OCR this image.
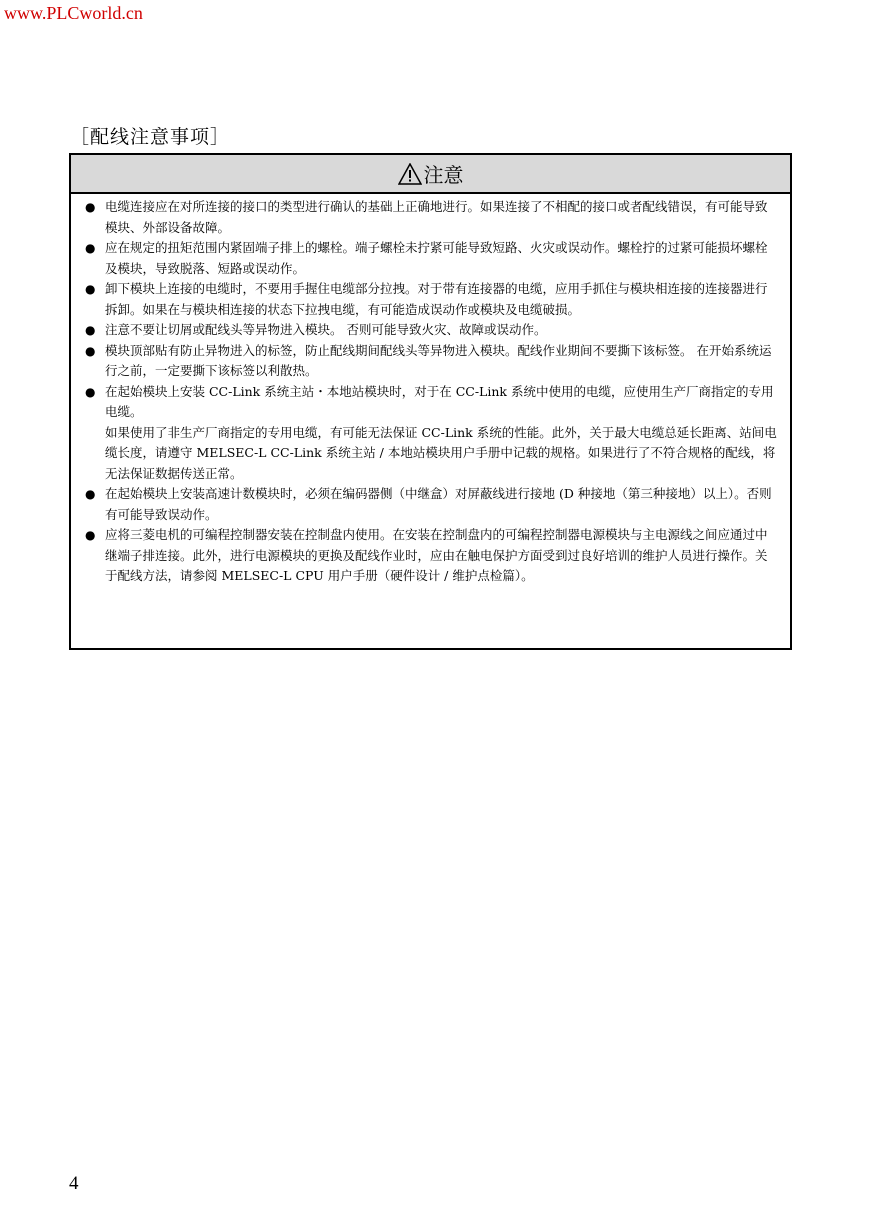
www.PLCworld.cn
［配线注意事项］
注意
● 电缆连接应在对所连接的接口的类型进行确认的基础上正确地进行。如果连接了不相配的接口或者配线错误，有可能导致模块、外部设备故障。

● 应在规定的扭矩范围内紧固端子排上的螺栓。端子螺栓未拧紧可能导致短路、火灾或误动作。螺栓拧的过紧可能损坏螺栓及模块，导致脱落、短路或误动作。

● 卸下模块上连接的电缆时，不要用手握住电缆部分拉拽。对于带有连接器的电缆，应用手抓住与模块相连接的连接器进行拆卸。如果在与模块相连接的状态下拉拽电缆，有可能造成误动作或模块及电缆破损。

● 注意不要让切屑或配线头等异物进入模块。 否则可能导致火灾、故障或误动作。

● 模块顶部贴有防止异物进入的标签，防止配线期间配线头等异物进入模块。配线作业期间不要撕下该标签。 在开始系统运行之前，一定要撕下该标签以利散热。

● 在起始模块上安装 CC-Link 系统主站・本地站模块时，对于在 CC-Link 系统中使用的电缆，应使用生产厂商指定的专用电缆。

如果使用了非生产厂商指定的专用电缆，有可能无法保证 CC-Link 系统的性能。此外，关于最大电缆总延长距离、站间电缆长度，请遵守 MELSEC-L CC-Link 系统主站 / 本地站模块用户手册中记载的规格。如果进行了不符合规格的配线，将无法保证数据传送正常。

● 在起始模块上安装高速计数模块时，必须在编码器侧（中继盒）对屏蔽线进行接地 (D 种接地（第三种接地）以上）。否则有可能导致误动作。

● 应将三菱电机的可编程控制器安装在控制盘内使用。在安装在控制盘内的可编程控制器电源模块与主电源线之间应通过中继端子排连接。此外，进行电源模块的更换及配线作业时，应由在触电保护方面受到过良好培训的维护人员进行操作。关于配线方法，请参阅 MELSEC-L CPU 用户手册（硬件设计 / 维护点检篇）。

4
